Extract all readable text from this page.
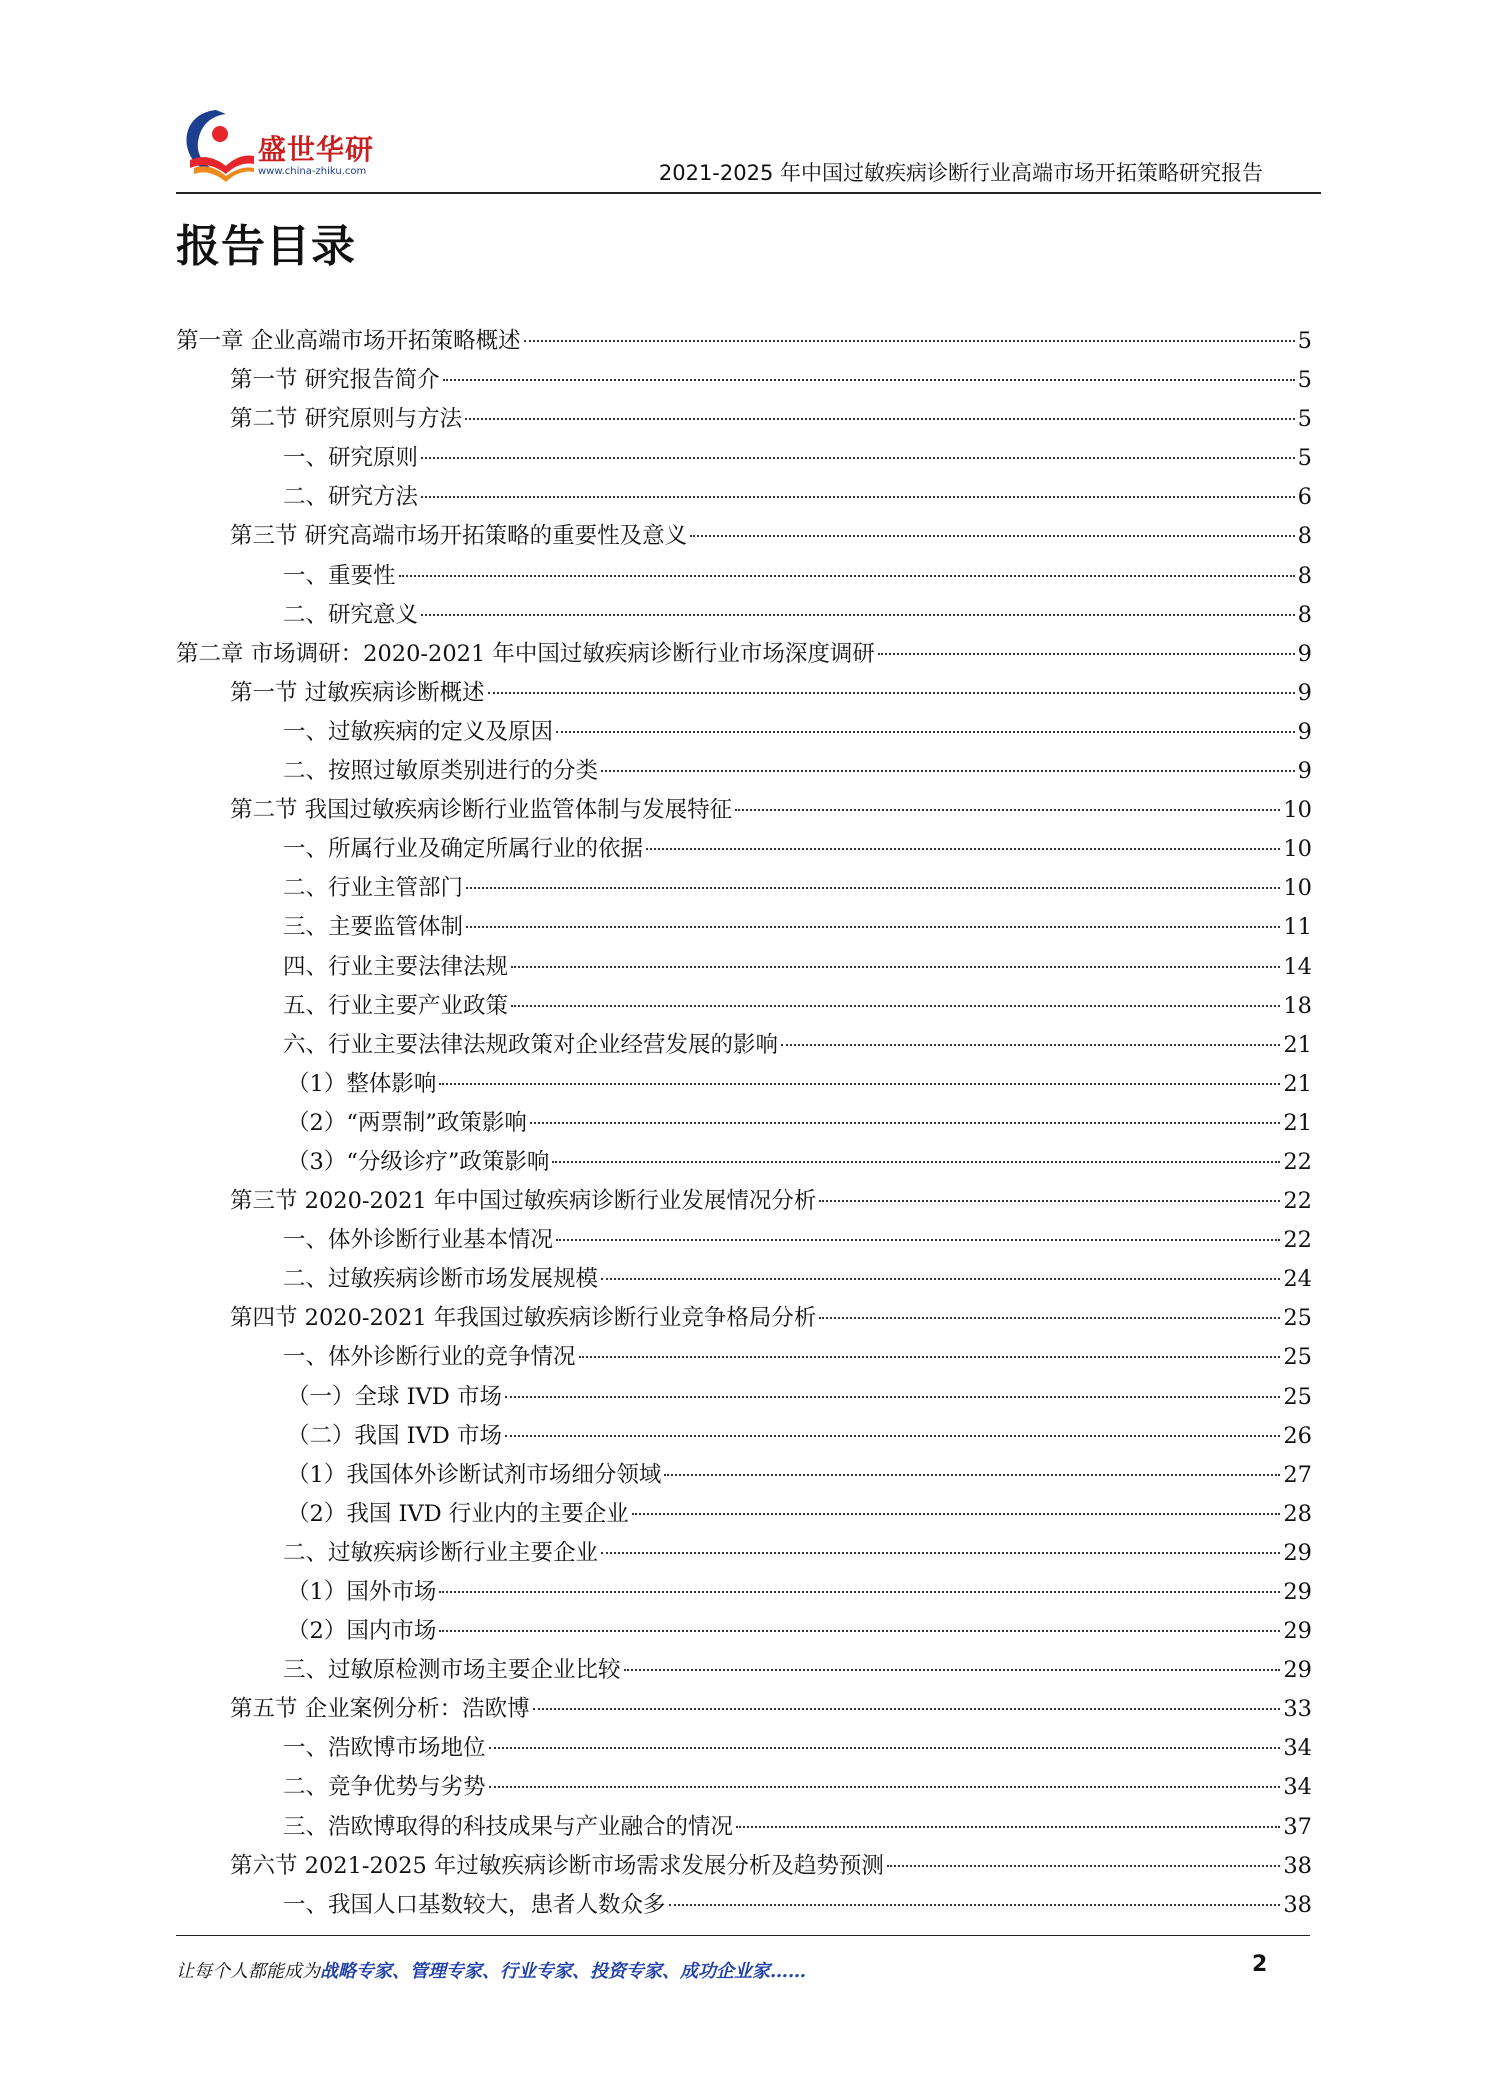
盛世华研
www.china-zhiku.com	2021-2025 年中国过敏疾病诊断行业高端市场开拓策略研究报告
报告目录
第一章 企业高端市场开拓策略概述	5
第一节 研究报告简介	5
第二节 研究原则与方法	5
一、研究原则	5
二、研究方法	6
第三节 研究高端市场开拓策略的重要性及意义	8
一、重要性	8
二、研究意义	8
第二章 市场调研：2020-2021 年中国过敏疾病诊断行业市场深度调研	9
第一节 过敏疾病诊断概述	9
一、过敏疾病的定义及原因	9
二、按照过敏原类别进行的分类	9
第二节 我国过敏疾病诊断行业监管体制与发展特征	10
一、所属行业及确定所属行业的依据	10
二、行业主管部门	10
三、主要监管体制	11
四、行业主要法律法规	14
五、行业主要产业政策	18
六、行业主要法律法规政策对企业经营发展的影响	21
（1）整体影响	21
（2）“两票制”政策影响	21
（3）“分级诊疗”政策影响	22
第三节 2020-2021 年中国过敏疾病诊断行业发展情况分析	22
一、体外诊断行业基本情况	22
二、过敏疾病诊断市场发展规模	24
第四节 2020-2021 年我国过敏疾病诊断行业竞争格局分析	25
一、体外诊断行业的竞争情况	25
（一）全球 IVD 市场	25
（二）我国 IVD 市场	26
（1）我国体外诊断试剂市场细分领域	27
（2）我国 IVD 行业内的主要企业	28
二、过敏疾病诊断行业主要企业	29
（1）国外市场	29
（2）国内市场	29
三、过敏原检测市场主要企业比较	29
第五节 企业案例分析：浩欧博	33
一、浩欧博市场地位	34
二、竞争优势与劣势	34
三、浩欧博取得的科技成果与产业融合的情况	37
第六节 2021-2025 年过敏疾病诊断市场需求发展分析及趋势预测	38
一、我国人口基数较大，患者人数众多	38
让每个人都能成为战略专家、管理专家、行业专家、投资专家、成功企业家……	2
